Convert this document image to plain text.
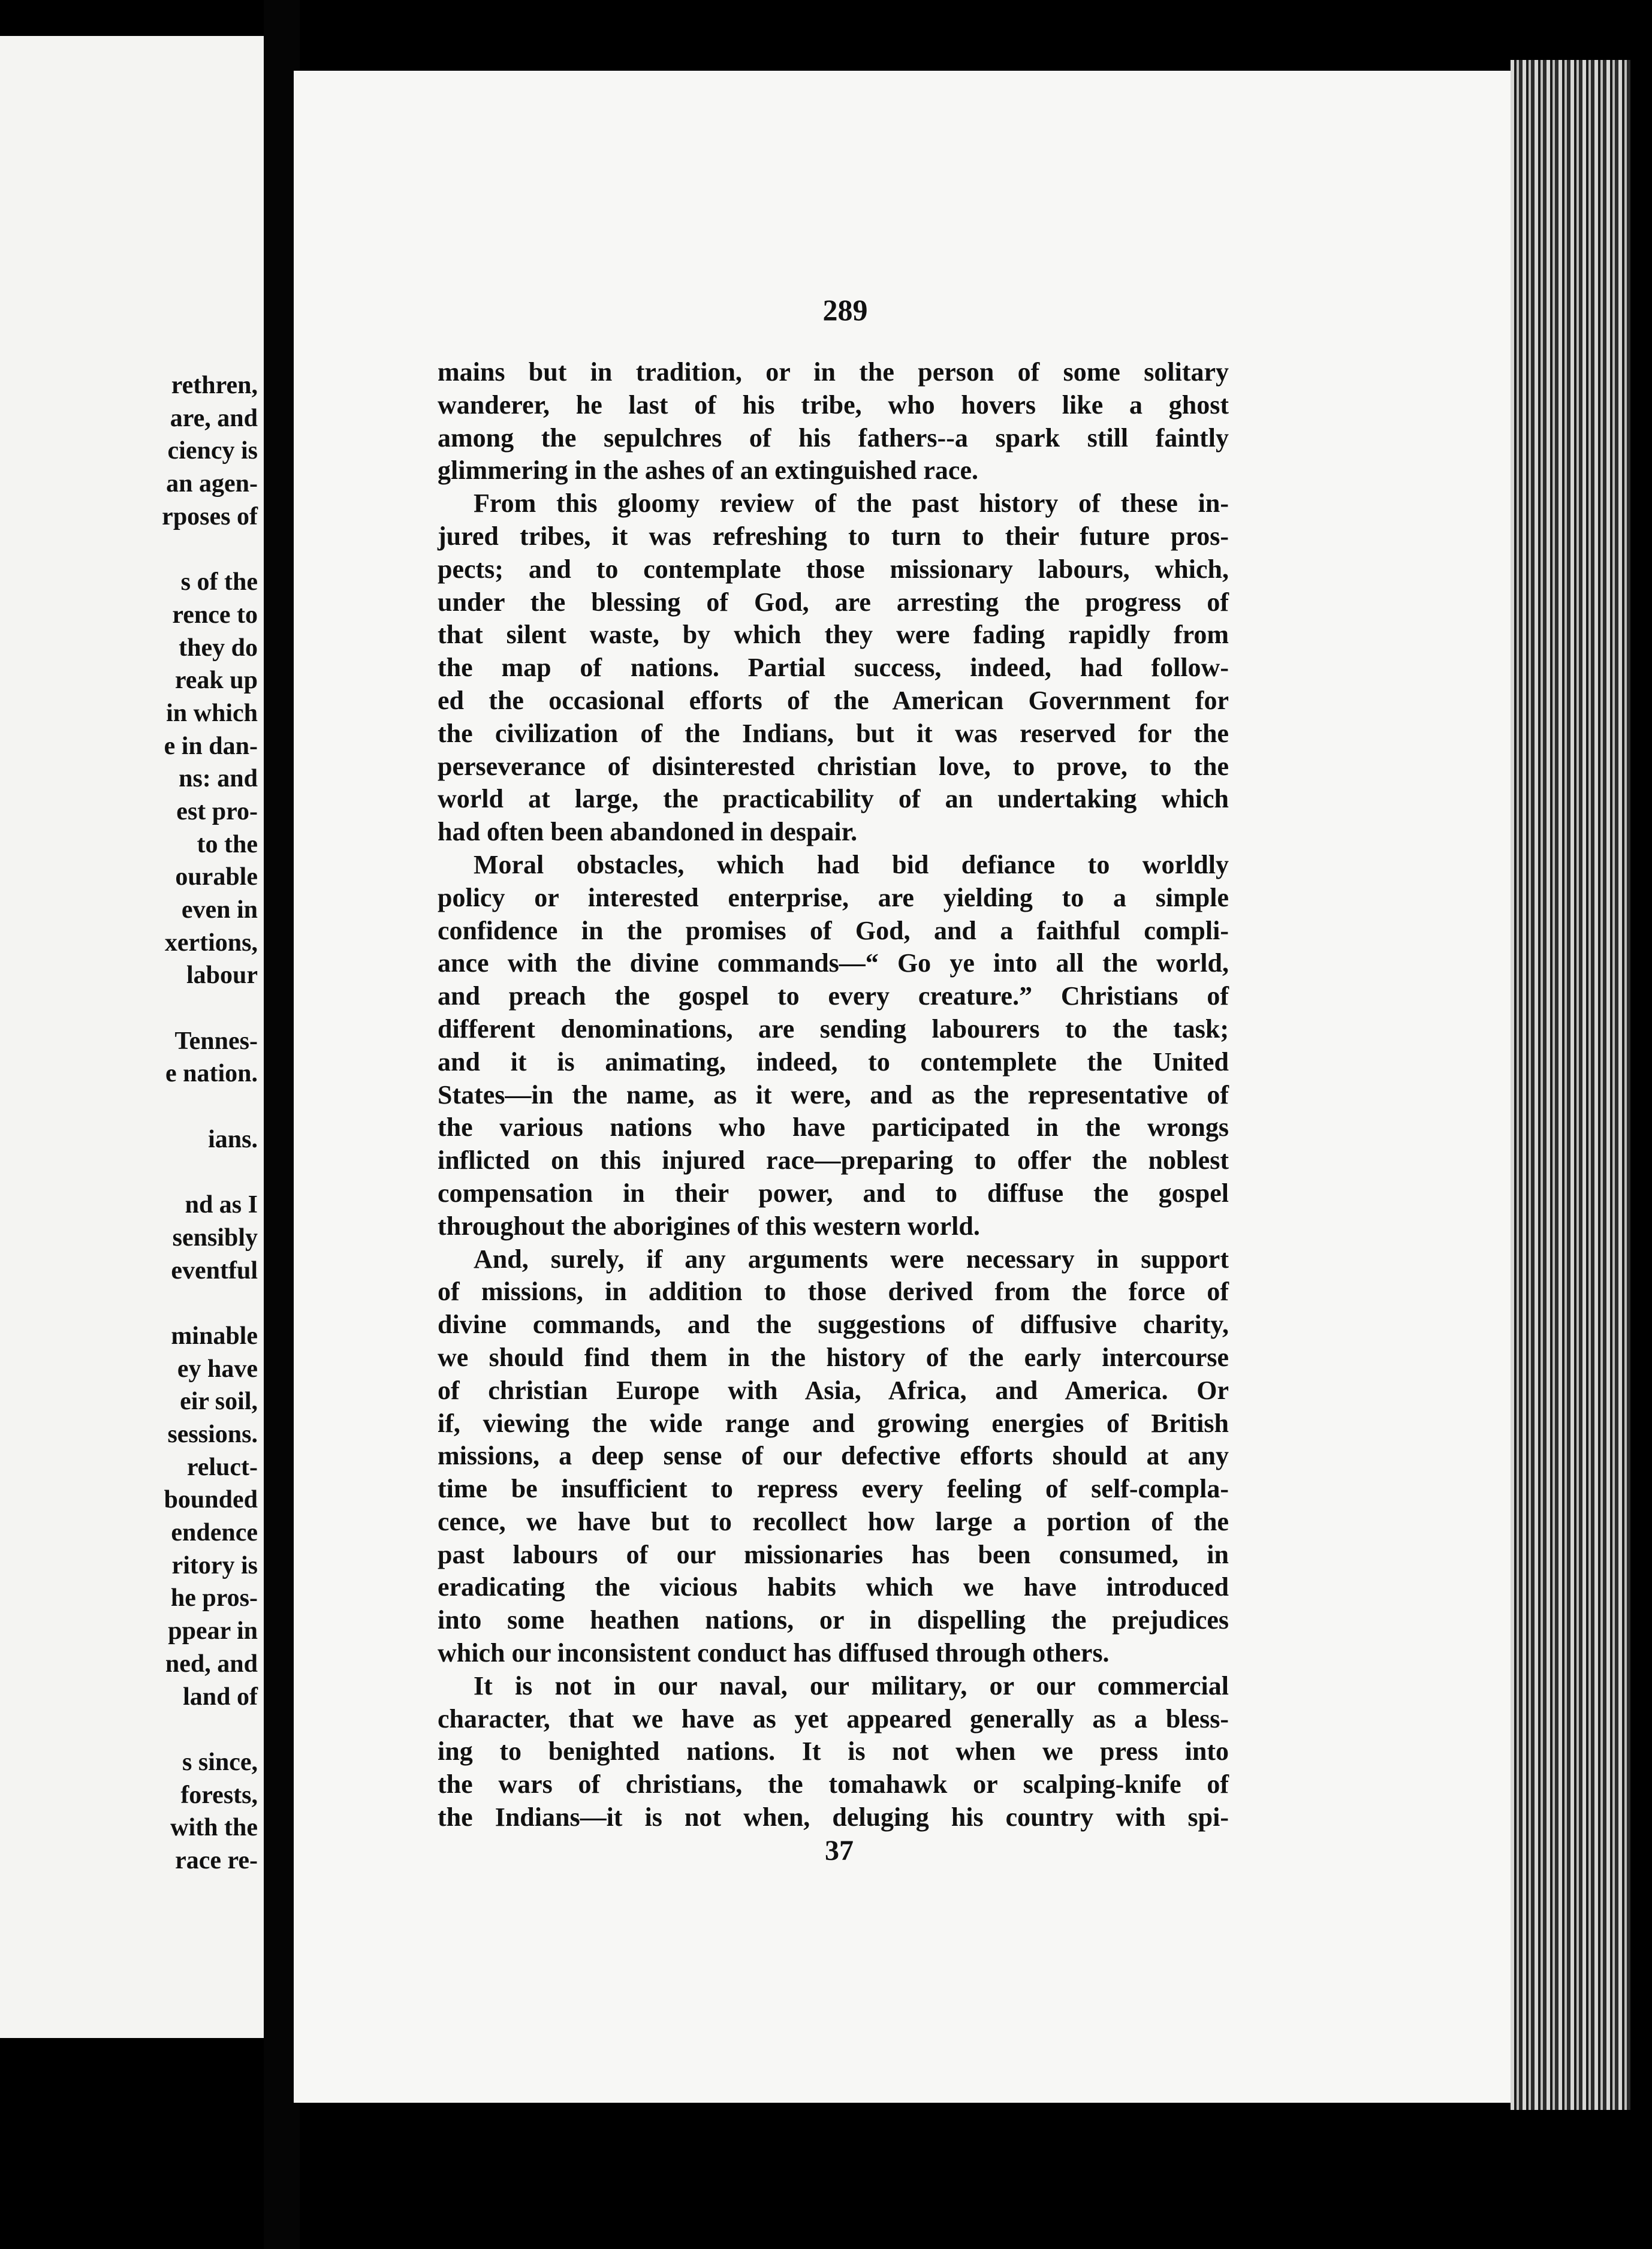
rethren,
are, and
ciency is
an agen-
rposes of
s of the
rence to
they do
reak up
in which
e in dan-
ns: and
est pro-
to the
ourable
even in
xertions,
labour
Tennes-
e nation.
ians.
nd as I
sensibly
eventful
minable
ey have
eir soil,
sessions.
reluct-
bounded
endence
ritory is
he pros-
ppear in
ned, and
land of
s since,
forests,
with the
race re-
289
mains but in tradition, or in the person of some solitary
wanderer, he last of his tribe, who hovers like a ghost
among the sepulchres of his fathers--a spark still faintly
glimmering in the ashes of an extinguished race.
From this gloomy review of the past history of these in-
jured tribes, it was refreshing to turn to their future pros-
pects; and to contemplate those missionary labours, which,
under the blessing of God, are arresting the progress of
that silent waste, by which they were fading rapidly from
the map of nations. Partial success, indeed, had follow-
ed the occasional efforts of the American Government for
the civilization of the Indians, but it was reserved for the
perseverance of disinterested christian love, to prove, to the
world at large, the practicability of an undertaking which
had often been abandoned in despair.
Moral obstacles, which had bid defiance to worldly
policy or interested enterprise, are yielding to a simple
confidence in the promises of God, and a faithful compli-
ance with the divine commands—“ Go ye into all the world,
and preach the gospel to every creature.” Christians of
different denominations, are sending labourers to the task;
and it is animating, indeed, to contemplete the United
States—in the name, as it were, and as the representative of
the various nations who have participated in the wrongs
inflicted on this injured race—preparing to offer the noblest
compensation in their power, and to diffuse the gospel
throughout the aborigines of this western world.
And, surely, if any arguments were necessary in support
of missions, in addition to those derived from the force of
divine commands, and the suggestions of diffusive charity,
we should find them in the history of the early intercourse
of christian Europe with Asia, Africa, and America. Or
if, viewing the wide range and growing energies of British
missions, a deep sense of our defective efforts should at any
time be insufficient to repress every feeling of self-compla-
cence, we have but to recollect how large a portion of the
past labours of our missionaries has been consumed, in
eradicating the vicious habits which we have introduced
into some heathen nations, or in dispelling the prejudices
which our inconsistent conduct has diffused through others.
It is not in our naval, our military, or our commercial
character, that we have as yet appeared generally as a bless-
ing to benighted nations. It is not when we press into
the wars of christians, the tomahawk or scalping-knife of
the Indians—it is not when, deluging his country with spi-
37
